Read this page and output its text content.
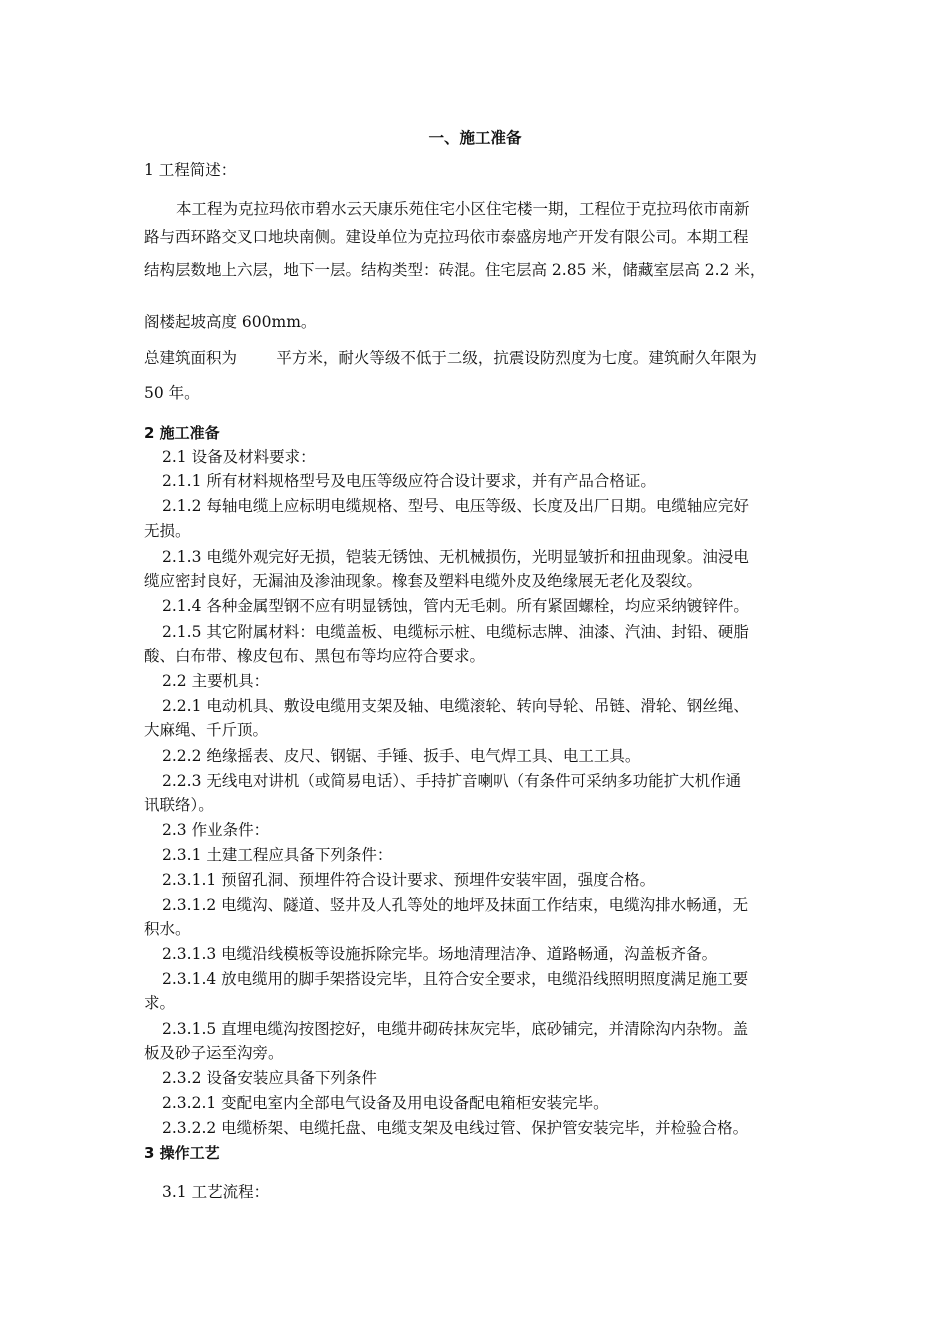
一、施工准备
1 工程简述：
本工程为克拉玛依市碧水云天康乐苑住宅小区住宅楼一期，工程位于克拉玛依市南新
路与西环路交叉口地块南侧。建设单位为克拉玛依市泰盛房地产开发有限公司。本期工程
结构层数地上六层，地下一层。结构类型：砖混。住宅层高 2.85 米，储藏室层高 2.2 米，
阁楼起坡高度 600mm。
总建筑面积为        平方米，耐火等级不低于二级，抗震设防烈度为七度。建筑耐久年限为
50 年。
2 施工准备
2.1 设备及材料要求：
2.1.1 所有材料规格型号及电压等级应符合设计要求，并有产品合格证。
2.1.2 每轴电缆上应标明电缆规格、型号、电压等级、长度及出厂日期。电缆轴应完好
无损。
2.1.3 电缆外观完好无损，铠装无锈蚀、无机械损伤，光明显皱折和扭曲现象。油浸电
缆应密封良好，无漏油及渗油现象。橡套及塑料电缆外皮及绝缘展无老化及裂纹。
2.1.4 各种金属型钢不应有明显锈蚀，管内无毛刺。所有紧固螺栓，均应采纳镀锌件。
2.1.5 其它附属材料：电缆盖板、电缆标示桩、电缆标志牌、油漆、汽油、封铅、硬脂
酸、白布带、橡皮包布、黑包布等均应符合要求。
2.2 主要机具：
2.2.1 电动机具、敷设电缆用支架及轴、电缆滚轮、转向导轮、吊链、滑轮、钢丝绳、
大麻绳、千斤顶。
2.2.2 绝缘摇表、皮尺、钢锯、手锤、扳手、电气焊工具、电工工具。
2.2.3 无线电对讲机（或简易电话）、手持扩音喇叭（有条件可采纳多功能扩大机作通
讯联络）。
2.3 作业条件：
2.3.1 土建工程应具备下列条件：
2.3.1.1 预留孔洞、预埋件符合设计要求、预埋件安装牢固，强度合格。
2.3.1.2 电缆沟、隧道、竖井及人孔等处的地坪及抹面工作结束，电缆沟排水畅通，无
积水。
2.3.1.3 电缆沿线模板等设施拆除完毕。场地清理洁净、道路畅通，沟盖板齐备。
2.3.1.4 放电缆用的脚手架搭设完毕，且符合安全要求，电缆沿线照明照度满足施工要
求。
2.3.1.5 直埋电缆沟按图挖好，电缆井砌砖抹灰完毕，底砂铺完，并清除沟内杂物。盖
板及砂子运至沟旁。
2.3.2 设备安装应具备下列条件
2.3.2.1 变配电室内全部电气设备及用电设备配电箱柜安装完毕。
2.3.2.2 电缆桥架、电缆托盘、电缆支架及电线过管、保护管安装完毕，并检验合格。
3 操作工艺
3.1 工艺流程：
